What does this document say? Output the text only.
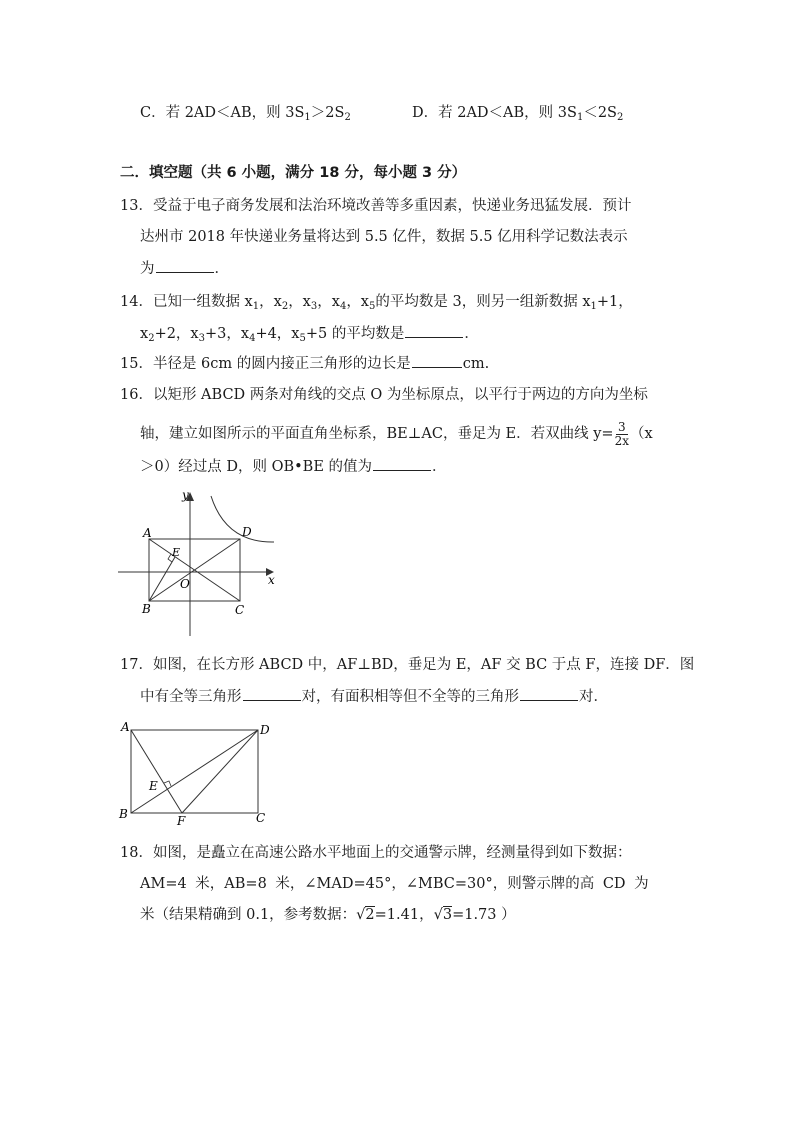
C．若 2AD＜AB，则 $3S_1>2S_2$	D．若 2AD＜AB，则 $3S_1<2S_2$
二．填空题（共 6 小题，满分 18 分，每小题 3 分）
13．受益于电子商务发展和法治环境改善等多重因素，快递业务迅猛发展．预计
达州市 2018 年快递业务量将达到 5.5 亿件，数据 5.5 亿用科学记数法表示
为	．
14．已知一组数据 $x_1$，$x_2$，$x_3$，$x_4$，$x_5$的平均数是 3，则另一组新数据 $x_1+1$，
$x_2+2$，$x_3+3$，$x_4+4$，$x_5+5$ 的平均数是	．
15．半径是 6cm 的圆内接正三角形的边长是	cm.
16．以矩形 ABCD 两条对角线的交点 O 为坐标原点，以平行于两边的方向为坐标
轴，建立如图所示的平面直角坐标系，BE⊥AC，垂足为 E．若双曲线 $y= \frac{3}{2x} (x$
＞0）经过点 D，则 OB•BE 的值为	．
A	D
B	C
E
O	x
y
17．如图，在长方形 ABCD 中，AF⊥BD，垂足为 E，AF 交 BC 于点 F，连接 DF．图
中有全等三角形	对，有面积相等但不全等的三角形	对．
A	D
B	C
E
F
18．如图，是矗立在高速公路水平地面上的交通警示牌，经测量得到如下数据：
AM=4 米，AB=8 米，∠MAD=45°，∠MBC=30°，则警示牌的高 CD 为
米（结果精确到 0.1，参考数据：√2=1.41，√3=1.73 ）
